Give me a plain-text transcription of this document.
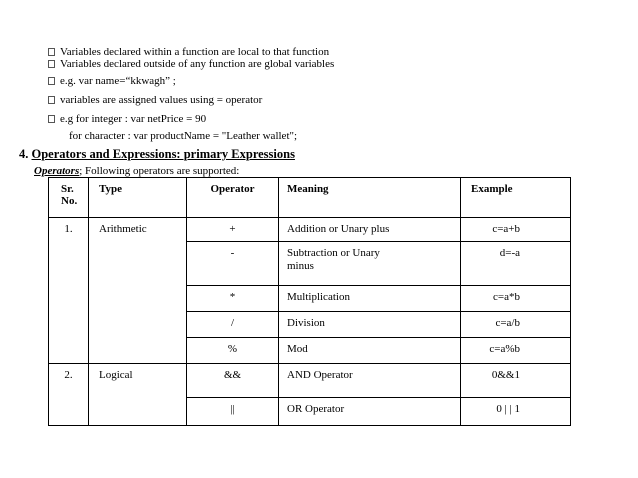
Variables declared within a function are local to that function
Variables declared outside of any function are global variables
e.g. var name=“kkwagh” ;
variables are assigned values using = operator
e.g for integer : var netPrice = 90
for character : var productName = "Leather wallet";
4. Operators and Expressions: primary Expressions
Operators; Following operators are supported:
Sr.
No.	Type	Operator	Meaning	Example
1.	Arithmetic	+	Addition or Unary plus	c=a+b
		-	Subtraction or Unary minus	d=-a
		*	Multiplication	c=a*b
		/	Division	c=a/b
		%	Mod	c=a%b
2.	Logical	&&	AND Operator	0&&1
		||	OR Operator	0 | | 1
